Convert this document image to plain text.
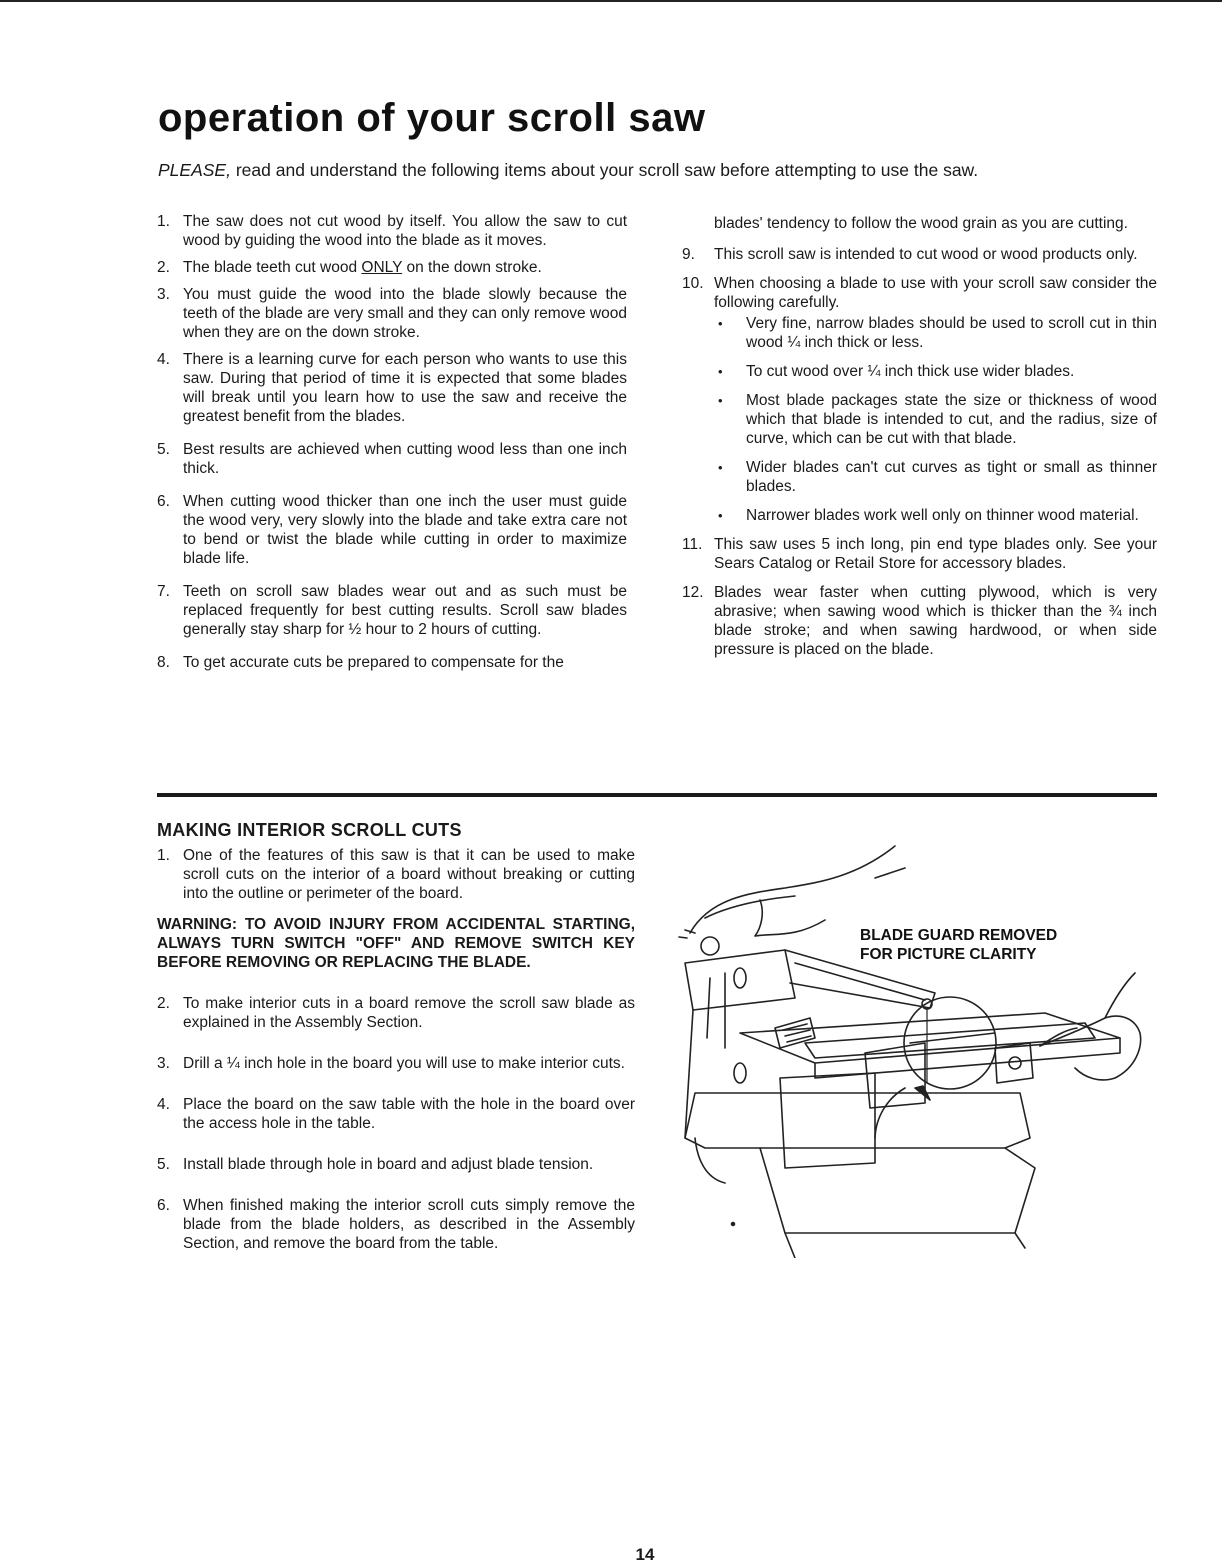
operation of your scroll saw

PLEASE, read and understand the following items about your scroll saw before attempting to use the saw.

1. The saw does not cut wood by itself. You allow the saw to cut wood by guiding the wood into the blade as it moves.
2. The blade teeth cut wood ONLY on the down stroke.
3. You must guide the wood into the blade slowly because the teeth of the blade are very small and they can only remove wood when they are on the down stroke.
4. There is a learning curve for each person who wants to use this saw. During that period of time it is expected that some blades will break until you learn how to use the saw and receive the greatest benefit from the blades.
5. Best results are achieved when cutting wood less than one inch thick.
6. When cutting wood thicker than one inch the user must guide the wood very, very slowly into the blade and take extra care not to bend or twist the blade while cutting in order to maximize blade life.
7. Teeth on scroll saw blades wear out and as such must be replaced frequently for best cutting results. Scroll saw blades generally stay sharp for ½ hour to 2 hours of cutting.
8. To get accurate cuts be prepared to compensate for the
blades' tendency to follow the wood grain as you are cutting.
9. This scroll saw is intended to cut wood or wood products only.
10. When choosing a blade to use with your scroll saw consider the following carefully.
• Very fine, narrow blades should be used to scroll cut in thin wood ¼ inch thick or less.
• To cut wood over ¼ inch thick use wider blades.
• Most blade packages state the size or thickness of wood which that blade is intended to cut, and the radius, size of curve, which can be cut with that blade.
• Wider blades can't cut curves as tight or small as thinner blades.
• Narrower blades work well only on thinner wood material.
11. This saw uses 5 inch long, pin end type blades only. See your Sears Catalog or Retail Store for accessory blades.
12. Blades wear faster when cutting plywood, which is very abrasive; when sawing wood which is thicker than the ¾ inch blade stroke; and when sawing hardwood, or when side pressure is placed on the blade.
MAKING INTERIOR SCROLL CUTS
1. One of the features of this saw is that it can be used to make scroll cuts on the interior of a board without breaking or cutting into the outline or perimeter of the board.

WARNING: TO AVOID INJURY FROM ACCIDENTAL STARTING, ALWAYS TURN SWITCH "OFF" AND REMOVE SWITCH KEY BEFORE REMOVING OR REPLACING THE BLADE.

2. To make interior cuts in a board remove the scroll saw blade as explained in the Assembly Section.
3. Drill a ¼ inch hole in the board you will use to make interior cuts.
4. Place the board on the saw table with the hole in the board over the access hole in the table.
5. Install blade through hole in board and adjust blade tension.
6. When finished making the interior scroll cuts simply remove the blade from the blade holders, as described in the Assembly Section, and remove the board from the table.

BLADE GUARD REMOVED
FOR PICTURE CLARITY

14
